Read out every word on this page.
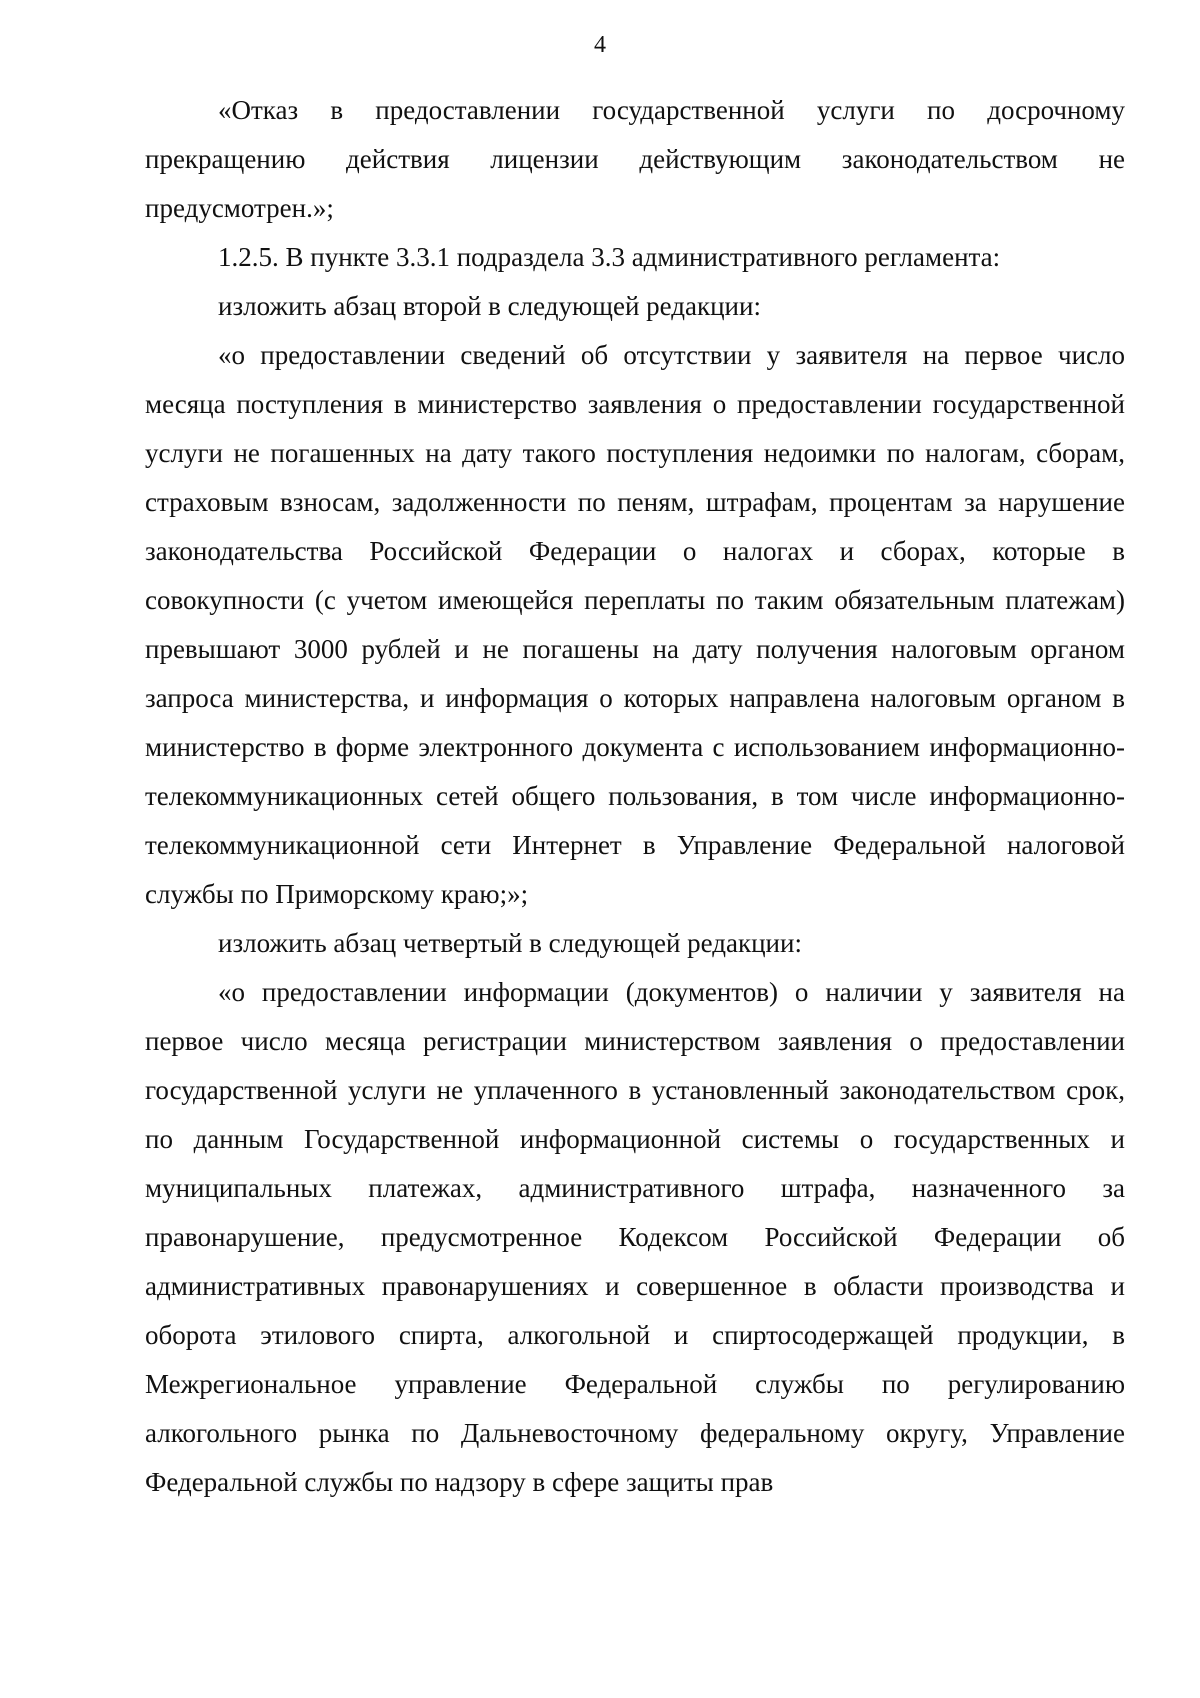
4

«Отказ в предоставлении государственной услуги по досрочному прекращению действия лицензии действующим законодательством не предусмотрен.»;

1.2.5. В пункте 3.3.1 подраздела 3.3 административного регламента:

изложить абзац второй в следующей редакции:

«о предоставлении сведений об отсутствии у заявителя на первое число месяца поступления в министерство заявления о предоставлении государственной услуги не погашенных на дату такого поступления недоимки по налогам, сборам, страховым взносам, задолженности по пеням, штрафам, процентам за нарушение законодательства Российской Федерации о налогах и сборах, которые в совокупности (с учетом имеющейся переплаты по таким обязательным платежам) превышают 3000 рублей и не погашены на дату получения налоговым органом запроса министерства, и информация о которых направлена налоговым органом в министерство в форме электронного документа с использованием информационно-телекоммуникационных сетей общего пользования, в том числе информационно-телекоммуникационной сети Интернет в Управление Федеральной налоговой службы по Приморскому краю;»;

изложить абзац четвертый в следующей редакции:

«о предоставлении информации (документов) о наличии у заявителя на первое число месяца регистрации министерством заявления о предоставлении государственной услуги не уплаченного в установленный законодательством срок, по данным Государственной информационной системы о государственных и муниципальных платежах, административного штрафа, назначенного за правонарушение, предусмотренное Кодексом Российской Федерации об административных правонарушениях и совершенное в области производства и оборота этилового спирта, алкогольной и спиртосодержащей продукции, в Межрегиональное управление Федеральной службы по регулированию алкогольного рынка по Дальневосточному федеральному округу, Управление Федеральной службы по надзору в сфере защиты прав
